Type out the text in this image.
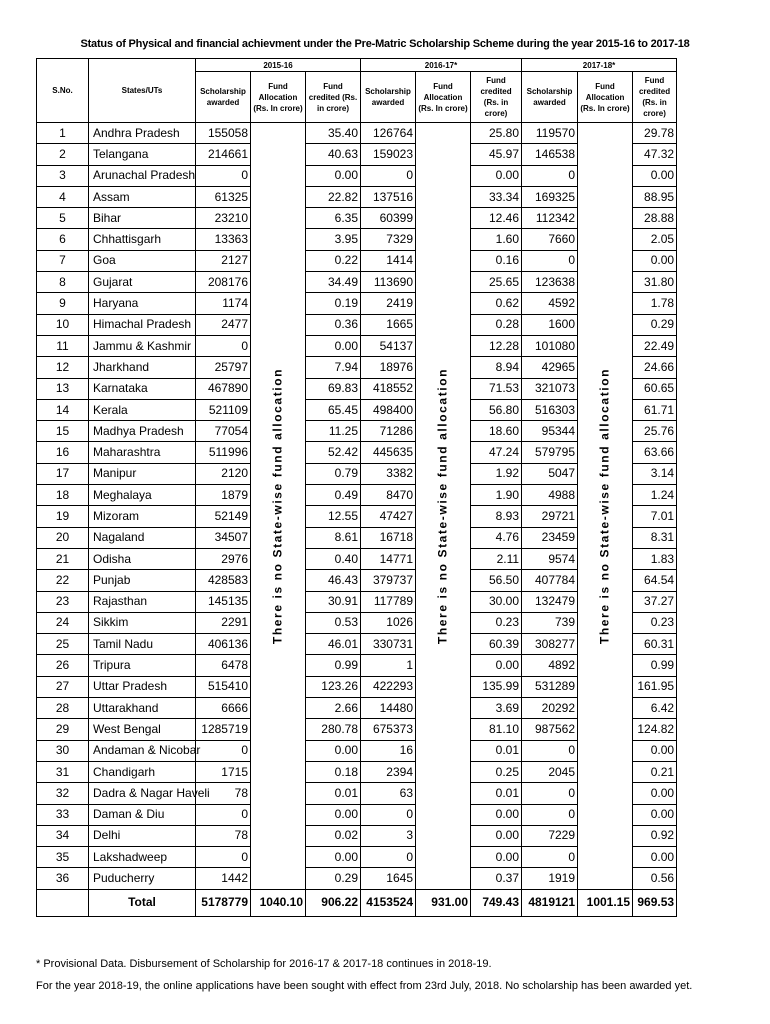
Status of Physical and financial achievment under the Pre-Matric Scholarship Scheme during the year 2015-16 to 2017-18
S.No.	States/UTs	2015-16			2016-17*			2017-18*		
		Scholarship awarded	Fund Allocation (Rs. In crore)	Fund credited (Rs. in crore)	Scholarship awarded	Fund Allocation (Rs. In crore)	Fund credited (Rs. in crore)	Scholarship awarded	Fund Allocation (Rs. In crore)	Fund credited (Rs. in crore)
1	Andhra Pradesh	155058	There is no State-wise fund allocation	35.40	126764	There is no State-wise fund allocation	25.80	119570	There is no State-wise fund allocation	29.78
2	Telangana	214661		40.63	159023		45.97	146538		47.32
3	Arunachal Pradesh	0		0.00	0		0.00	0		0.00
4	Assam	61325		22.82	137516		33.34	169325		88.95
5	Bihar	23210		6.35	60399		12.46	112342		28.88
6	Chhattisgarh	13363		3.95	7329		1.60	7660		2.05
7	Goa	2127		0.22	1414		0.16	0		0.00
8	Gujarat	208176		34.49	113690		25.65	123638		31.80
9	Haryana	1174		0.19	2419		0.62	4592		1.78
10	Himachal Pradesh	2477		0.36	1665		0.28	1600		0.29
11	Jammu & Kashmir	0		0.00	54137		12.28	101080		22.49
12	Jharkhand	25797		7.94	18976		8.94	42965		24.66
13	Karnataka	467890		69.83	418552		71.53	321073		60.65
14	Kerala	521109		65.45	498400		56.80	516303		61.71
15	Madhya Pradesh	77054		11.25	71286		18.60	95344		25.76
16	Maharashtra	511996		52.42	445635		47.24	579795		63.66
17	Manipur	2120		0.79	3382		1.92	5047		3.14
18	Meghalaya	1879		0.49	8470		1.90	4988		1.24
19	Mizoram	52149		12.55	47427		8.93	29721		7.01
20	Nagaland	34507		8.61	16718		4.76	23459		8.31
21	Odisha	2976		0.40	14771		2.11	9574		1.83
22	Punjab	428583		46.43	379737		56.50	407784		64.54
23	Rajasthan	145135		30.91	117789		30.00	132479		37.27
24	Sikkim	2291		0.53	1026		0.23	739		0.23
25	Tamil Nadu	406136		46.01	330731		60.39	308277		60.31
26	Tripura	6478		0.99	1		0.00	4892		0.99
27	Uttar Pradesh	515410		123.26	422293		135.99	531289		161.95
28	Uttarakhand	6666		2.66	14480		3.69	20292		6.42
29	West Bengal	1285719		280.78	675373		81.10	987562		124.82
30	Andaman & Nicobar	0		0.00	16		0.01	0		0.00
31	Chandigarh	1715		0.18	2394		0.25	2045		0.21
32	Dadra & Nagar Haveli	78		0.01	63		0.01	0		0.00
33	Daman & Diu	0		0.00	0		0.00	0		0.00
34	Delhi	78		0.02	3		0.00	7229		0.92
35	Lakshadweep	0		0.00	0		0.00	0		0.00
36	Puducherry	1442		0.29	1645		0.37	1919		0.56
	Total	5178779	1040.10	906.22	4153524	931.00	749.43	4819121	1001.15	969.53
* Provisional Data. Disbursement of Scholarship for 2016-17 & 2017-18 continues in 2018-19.
For the year 2018-19, the online applications have been sought with effect from 23rd July, 2018. No scholarship has been awarded yet.
